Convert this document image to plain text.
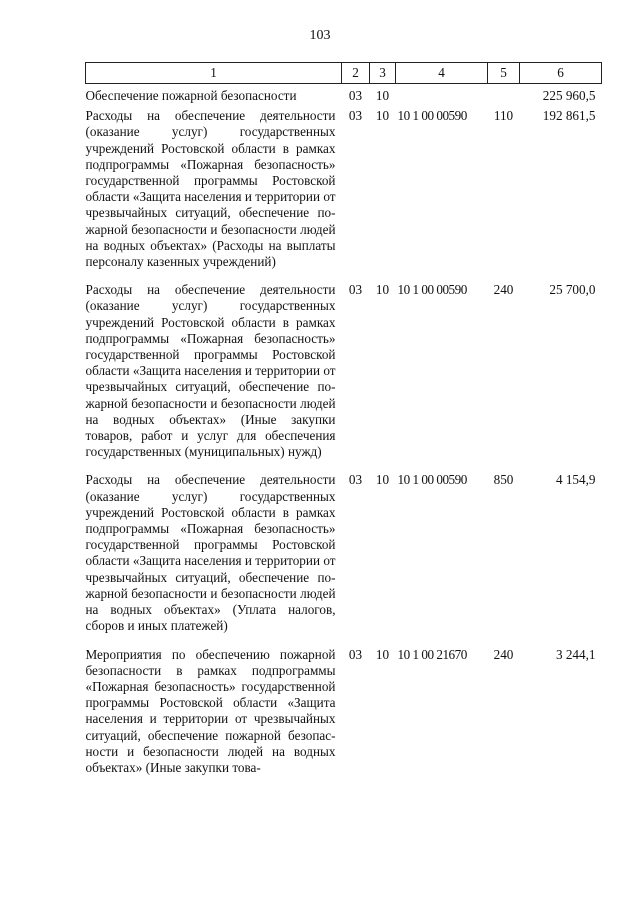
103
1	2	3	4	5	6
Обеспечение пожарной безопасности	03	10			225 960,5
Расходы на обеспечение деятельности (оказание услуг) государственных учреждений Ростовской области в рамках подпрограммы «Пожарная безопасность» государственной программы Ростовской области «Защита населения и территории от чрезвычайных ситуаций, обеспечение пожарной безопасности и безопасности людей на водных объектах» (Расходы на выплаты персоналу казенных учреждений)	03	10	10 1 00 00590	110	192 861,5

Расходы на обеспечение деятельности (оказание услуг) государственных учреждений Ростовской области в рамках подпрограммы «Пожарная безопасность» государственной программы Ростовской области «Защита населения и территории от чрезвычайных ситуаций, обеспечение пожарной безопасности и безопасности людей на водных объектах» (Иные закупки товаров, работ и услуг для обеспечения государственных (муниципальных) нужд)	03	10	10 1 00 00590	240	25 700,0

Расходы на обеспечение деятельности (оказание услуг) государственных учреждений Ростовской области в рамках подпрограммы «Пожарная безопасность» государственной программы Ростовской области «Защита населения и территории от чрезвычайных ситуаций, обеспечение пожарной безопасности и безопасности людей на водных объектах» (Уплата налогов, сборов и иных платежей)	03	10	10 1 00 00590	850	4 154,9

Мероприятия по обеспечению пожарной безопасности в рамках подпрограммы «Пожарная безопасность» государственной программы Ростовской области «Защита населения и территории от чрезвычайных ситуаций, обеспечение пожарной безопасности и безопасности людей на водных объектах» (Иные закупки това-	03	10	10 1 00 21670	240	3 244,1
